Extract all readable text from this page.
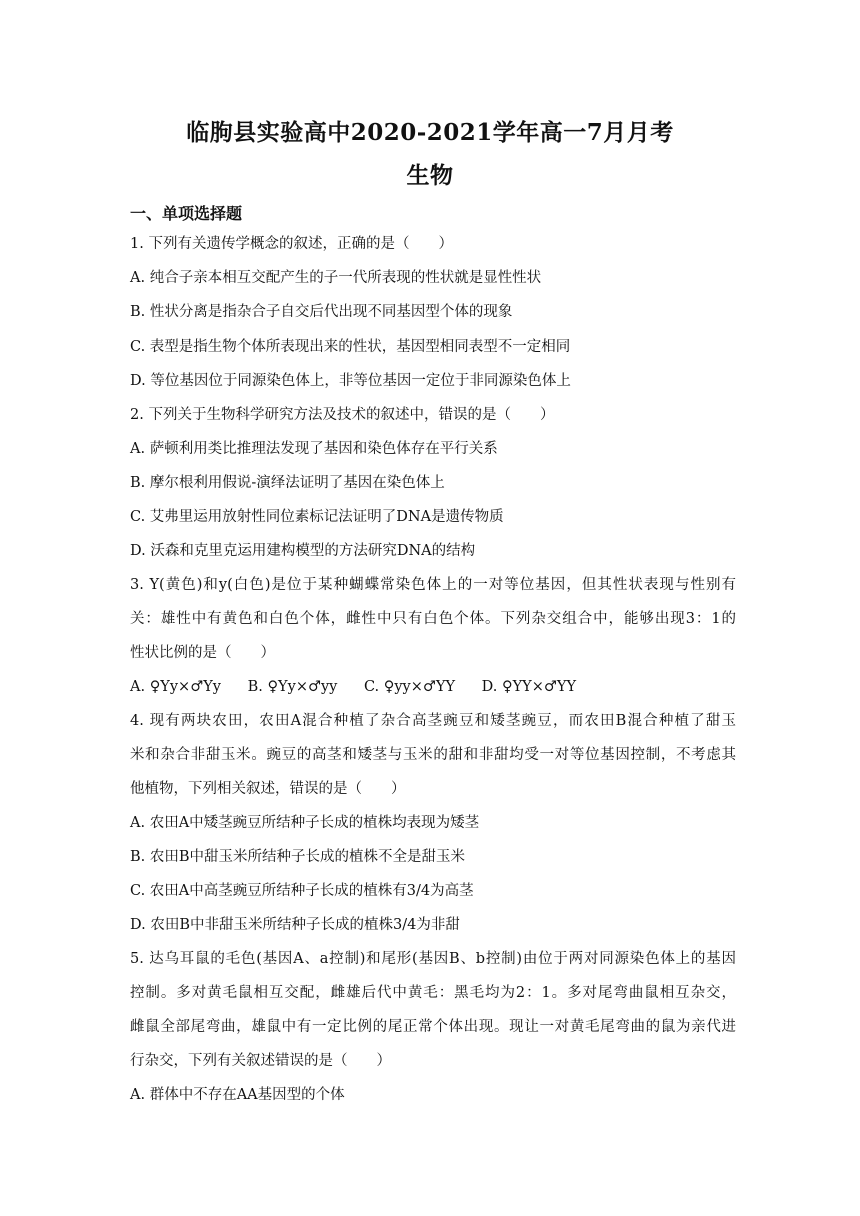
临朐县实验高中2020-2021学年高一7月月考
生物
一、单项选择题
1. 下列有关遗传学概念的叙述，正确的是（　　）
A. 纯合子亲本相互交配产生的子一代所表现的性状就是显性性状
B. 性状分离是指杂合子自交后代出现不同基因型个体的现象
C. 表型是指生物个体所表现出来的性状，基因型相同表型不一定相同
D. 等位基因位于同源染色体上，非等位基因一定位于非同源染色体上
2. 下列关于生物科学研究方法及技术的叙述中，错误的是（　　）
A. 萨顿利用类比推理法发现了基因和染色体存在平行关系
B. 摩尔根利用假说-演绎法证明了基因在染色体上
C. 艾弗里运用放射性同位素标记法证明了DNA是遗传物质
D. 沃森和克里克运用建构模型的方法研究DNA的结构
3. Y(黄色)和y(白色)是位于某种蝴蝶常染色体上的一对等位基因，但其性状表现与性别有
关：雄性中有黄色和白色个体，雌性中只有白色个体。下列杂交组合中，能够出现3：1的
性状比例的是（　　）
A. ♀Yy×♂Yy B. ♀Yy×♂yy C. ♀yy×♂YY D. ♀YY×♂YY
4. 现有两块农田，农田A混合种植了杂合高茎豌豆和矮茎豌豆，而农田B混合种植了甜玉
米和杂合非甜玉米。豌豆的高茎和矮茎与玉米的甜和非甜均受一对等位基因控制，不考虑其
他植物，下列相关叙述，错误的是（　　）
A. 农田A中矮茎豌豆所结种子长成的植株均表现为矮茎
B. 农田B中甜玉米所结种子长成的植株不全是甜玉米
C. 农田A中高茎豌豆所结种子长成的植株有3/4为高茎
D. 农田B中非甜玉米所结种子长成的植株3/4为非甜
5. 达乌耳鼠的毛色(基因A、a控制)和尾形(基因B、b控制)由位于两对同源染色体上的基因
控制。多对黄毛鼠相互交配，雌雄后代中黄毛：黑毛均为2：1。多对尾弯曲鼠相互杂交，
雌鼠全部尾弯曲，雄鼠中有一定比例的尾正常个体出现。现让一对黄毛尾弯曲的鼠为亲代进
行杂交，下列有关叙述错误的是（　　）
A. 群体中不存在AA基因型的个体
